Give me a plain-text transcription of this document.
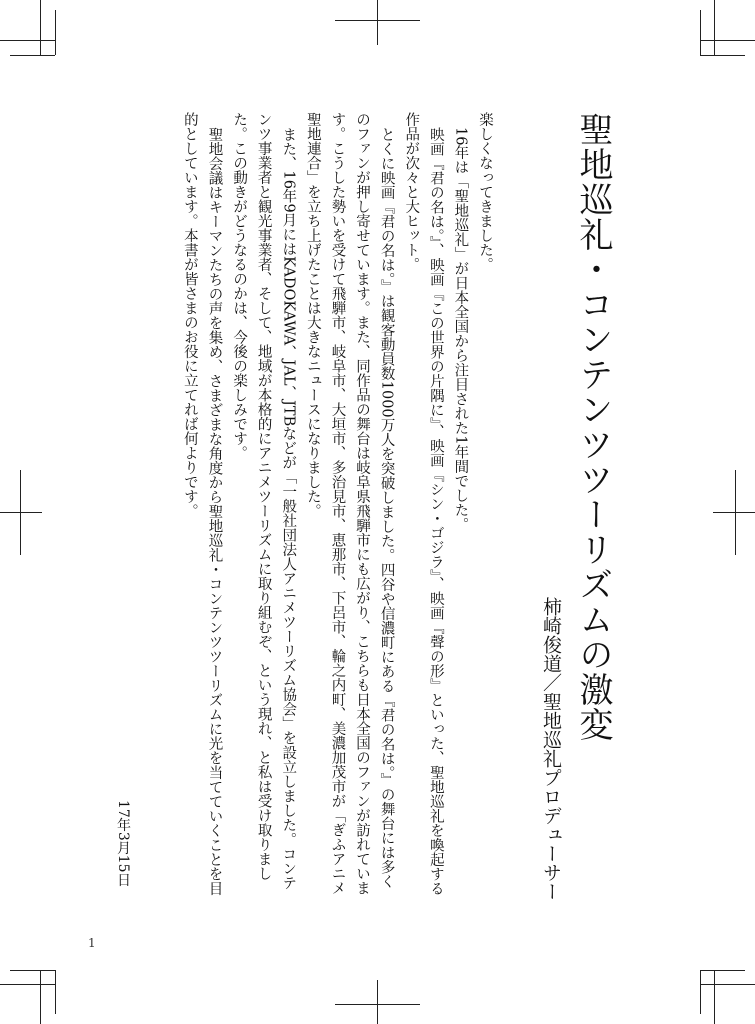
聖地巡礼・コンテンツツーリズムの激変
柿崎俊道／聖地巡礼プロデューサー

楽しくなってきました。

16年は「聖地巡礼」が日本全国から注目された1年間でした。

映画『君の名は。』、映画『この世界の片隅に』、映画『シン・ゴジラ』、映画『聲の形』といった、聖地巡礼を喚起する作品が次々と大ヒット。

とくに映画『君の名は。』は観客動員数1000万人を突破しました。四谷や信濃町にある『君の名は。』の舞台には多くのファンが押し寄せています。また、同作品の舞台は岐阜県飛騨市にも広がり、こちらも日本全国のファンが訪れています。こうした勢いを受けて飛騨市、岐阜市、大垣市、多治見市、恵那市、下呂市、輪之内町、美濃加茂市が「ぎふアニメ聖地連合」を立ち上げたことは大きなニュースになりました。

また、16年9月にはKADOKAWA、JAL、JTBなどが「一般社団法人アニメツーリズム協会」を設立しました。コンテンツ事業者と観光事業者、そして、地域が本格的にアニメツーリズムに取り組むぞ、という現れ、と私は受け取りました。この動きがどうなるのかは、今後の楽しみです。

聖地会議はキーマンたちの声を集め、さまざまな角度から聖地巡礼・コンテンツツーリズムに光を当てていくことを目的としています。本書が皆さまのお役に立てれば何よりです。

17年3月15日
1
